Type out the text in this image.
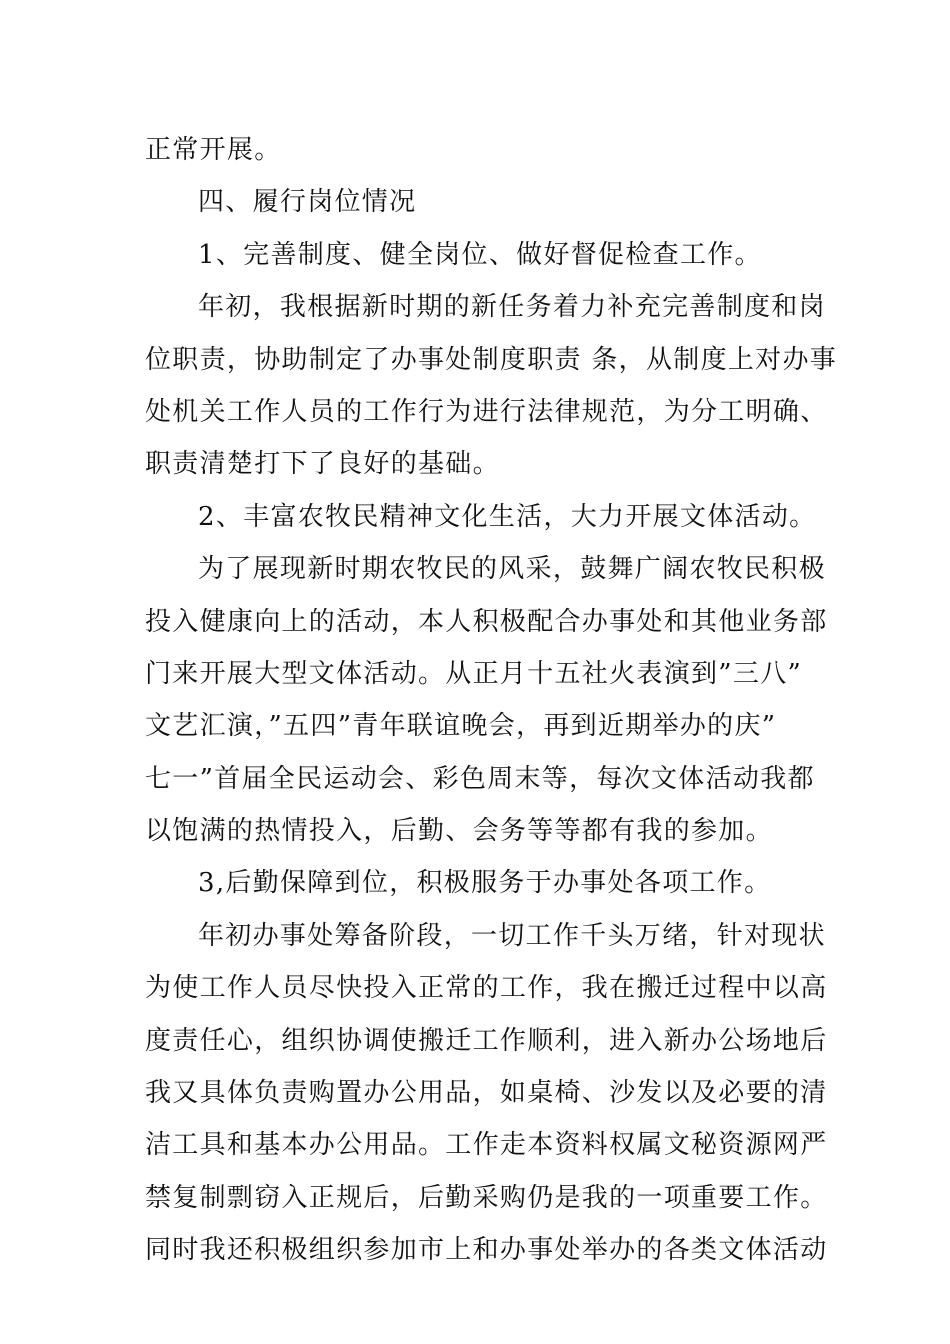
正常开展。
四、履行岗位情况
1、完善制度、健全岗位、做好督促检查工作。
年初，我根据新时期的新任务着力补充完善制度和岗
位职责，协助制定了办事处制度职责 条，从制度上对办事
处机关工作人员的工作行为进行法律规范，为分工明确、
职责清楚打下了良好的基础。
2、丰富农牧民精神文化生活，大力开展文体活动。
为了展现新时期农牧民的风采，鼓舞广阔农牧民积极
投入健康向上的活动，本人积极配合办事处和其他业务部
门来开展大型文体活动。从正月十五社火表演到”三八”
文艺汇演，”五四”青年联谊晚会，再到近期举办的庆”
七一”首届全民运动会、彩色周末等，每次文体活动我都
以饱满的热情投入，后勤、会务等等都有我的参加。
3,后勤保障到位，积极服务于办事处各项工作。
年初办事处筹备阶段，一切工作千头万绪，针对现状
为使工作人员尽快投入正常的工作，我在搬迁过程中以高
度责任心，组织协调使搬迁工作顺利，进入新办公场地后
我又具体负责购置办公用品，如桌椅、沙发以及必要的清
洁工具和基本办公用品。工作走本资料权属文秘资源网严
禁复制剽窃入正规后，后勤采购仍是我的一项重要工作。
同时我还积极组织参加市上和办事处举办的各类文体活动
